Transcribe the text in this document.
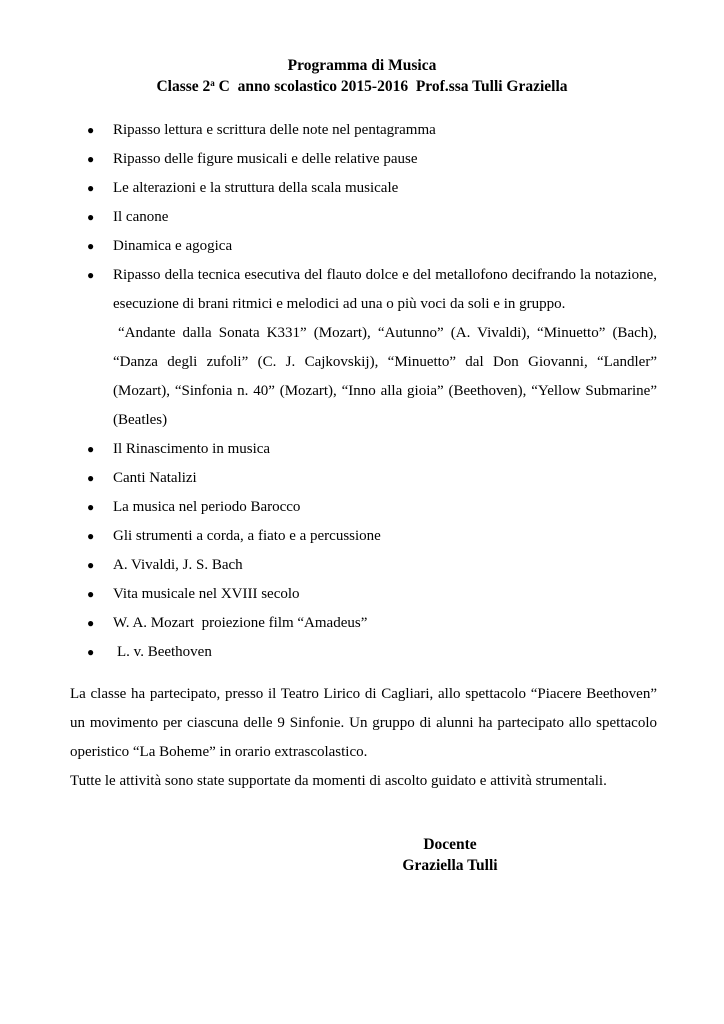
Programma di Musica
Classe 2$^a$ C  anno scolastico 2015-2016  Prof.ssa Tulli Graziella
● Ripasso lettura e scrittura delle note nel pentagramma
● Ripasso delle figure musicali e delle relative pause
● Le alterazioni e la struttura della scala musicale
● Il canone
● Dinamica e agogica
● Ripasso della tecnica esecutiva del flauto dolce e del metallofono decifrando la notazione, esecuzione di brani ritmici e melodici ad una o più voci da soli e in gruppo.
“Andante dalla Sonata K331” (Mozart), “Autunno” (A. Vivaldi), “Minuetto” (Bach), “Danza degli zufoli” (C. J. Cajkovskij), “Minuetto” dal Don Giovanni, “Landler” (Mozart), “Sinfonia n. 40” (Mozart), “Inno alla gioia” (Beethoven), “Yellow Submarine” (Beatles)
● Il Rinascimento in musica
● Canti Natalizi
● La musica nel periodo Barocco
● Gli strumenti a corda, a fiato e a percussione
● A. Vivaldi, J. S. Bach
● Vita musicale nel XVIII secolo
● W. A. Mozart  proiezione film “Amadeus”
● L. v. Beethoven

La classe ha partecipato, presso il Teatro Lirico di Cagliari, allo spettacolo “Piacere Beethoven” un movimento per ciascuna delle 9 Sinfonie. Un gruppo di alunni ha partecipato allo spettacolo operistico “La Boheme” in orario extrascolastico.

Tutte le attività sono state supportate da momenti di ascolto guidato e attività strumentali.

Docente
Graziella Tulli
